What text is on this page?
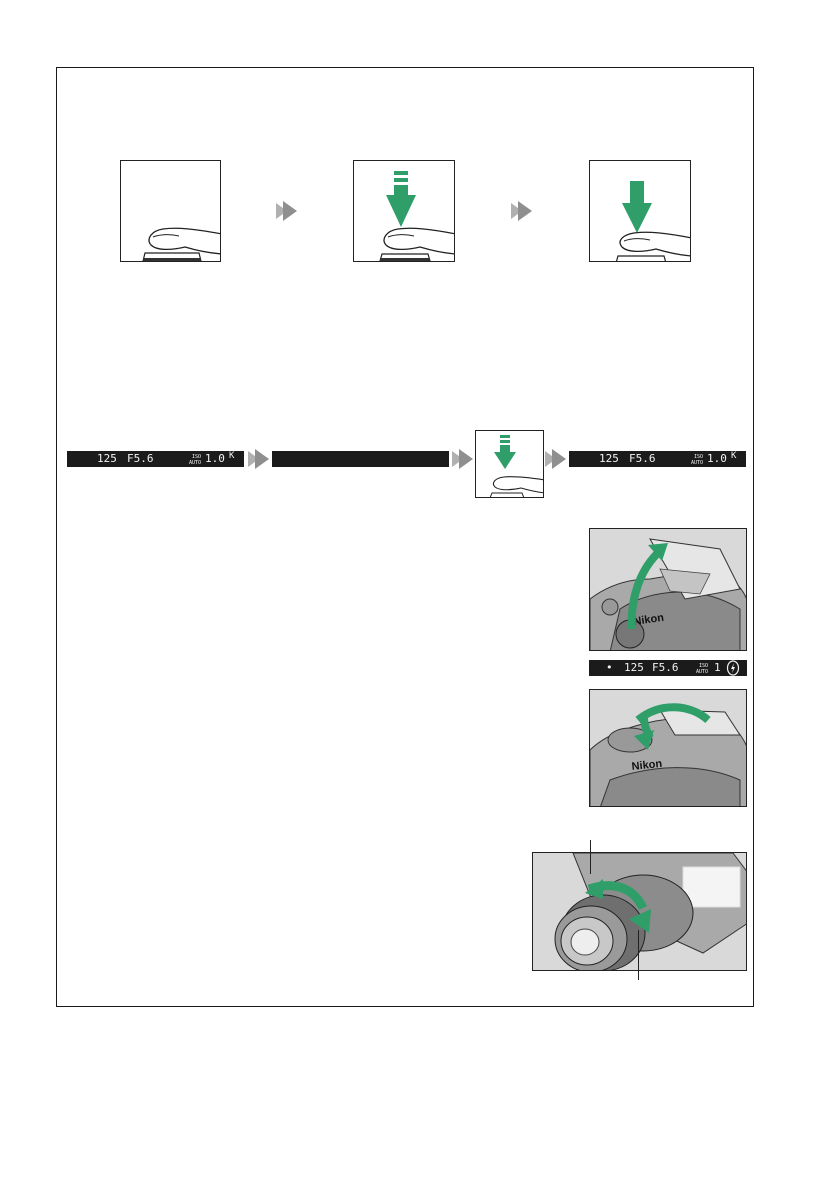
125 F5.6	ISO
AUTO 1.0 K	125 F5.6	ISO
AUTO 1.0 K
Nikon
• 125 F5.6	ISO
AUTO 1
Nikon
